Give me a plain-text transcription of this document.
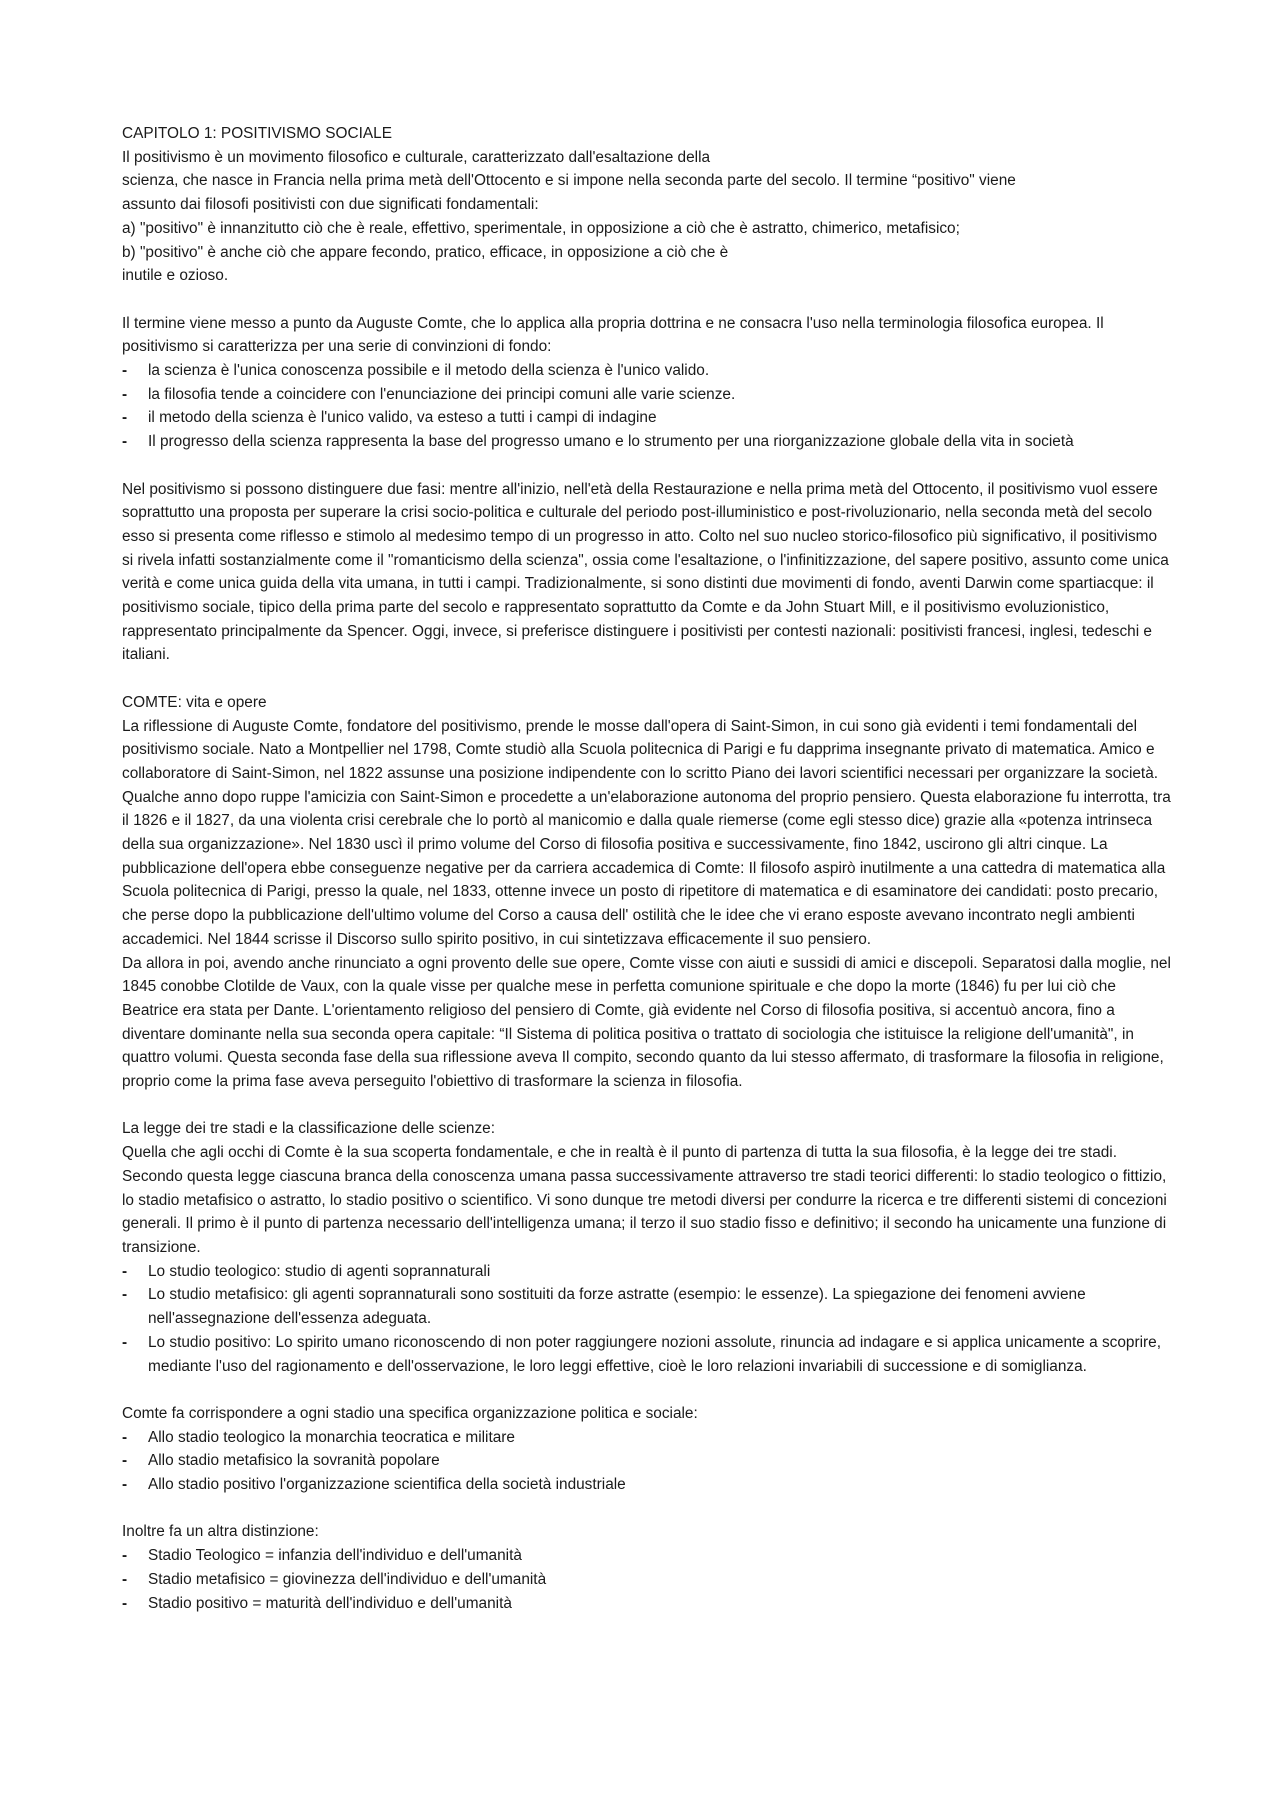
CAPITOLO 1: POSITIVISMO SOCIALE
Il positivismo è un movimento filosofico e culturale, caratterizzato dall'esaltazione della
scienza, che nasce in Francia nella prima metà dell'Ottocento e si impone nella seconda parte del secolo. Il termine “positivo" viene
assunto dai filosofi positivisti con due significati fondamentali:
a) "positivo" è innanzitutto ciò che è reale, effettivo, sperimentale, in opposizione a ciò che è astratto, chimerico, metafisico;
b) "positivo" è anche ciò che appare fecondo, pratico, efficace, in opposizione a ciò che è
inutile e ozioso.
Il termine viene messo a punto da Auguste Comte, che lo applica alla propria dottrina e ne consacra l'uso nella terminologia filosofica europea. Il positivismo si caratterizza per una serie di convinzioni di fondo:
- la scienza è l'unica conoscenza possibile e il metodo della scienza è l'unico valido.
- la filosofia tende a coincidere con l'enunciazione dei principi comuni alle varie scienze.
- il metodo della scienza è l'unico valido, va esteso a tutti i campi di indagine
- Il progresso della scienza rappresenta la base del progresso umano e lo strumento per una riorganizzazione globale della vita in società
Nel positivismo si possono distinguere due fasi: mentre all'inizio, nell'età della Restaurazione e nella prima metà del Ottocento, il positivismo vuol essere soprattutto una proposta per superare la crisi socio-politica e culturale del periodo post-illuministico e post-rivoluzionario, nella seconda metà del secolo esso si presenta come riflesso e stimolo al medesimo tempo di un progresso in atto. Colto nel suo nucleo storico-filosofico più significativo, il positivismo si rivela infatti sostanzialmente come il "romanticismo della scienza", ossia come l'esaltazione, o l'infinitizzazione, del sapere positivo, assunto come unica verità e come unica guida della vita umana, in tutti i campi. Tradizionalmente, si sono distinti due movimenti di fondo, aventi Darwin come spartiacque: il positivismo sociale, tipico della prima parte del secolo e rappresentato soprattutto da Comte e da John Stuart Mill, e il positivismo evoluzionistico, rappresentato principalmente da Spencer. Oggi, invece, si preferisce distinguere i positivisti per contesti nazionali: positivisti francesi, inglesi, tedeschi e italiani.
COMTE: vita e opere
La riflessione di Auguste Comte, fondatore del positivismo, prende le mosse dall'opera di Saint-Simon, in cui sono già evidenti i temi fondamentali del positivismo sociale. Nato a Montpellier nel 1798, Comte studiò alla Scuola politecnica di Parigi e fu dapprima insegnante privato di matematica. Amico e collaboratore di Saint-Simon, nel 1822 assunse una posizione indipendente con lo scritto Piano dei lavori scientifici necessari per organizzare la società. Qualche anno dopo ruppe l'amicizia con Saint-Simon e procedette a un'elaborazione autonoma del proprio pensiero. Questa elaborazione fu interrotta, tra il 1826 e il 1827, da una violenta crisi cerebrale che lo portò al manicomio e dalla quale riemerse (come egli stesso dice) grazie alla «potenza intrinseca della sua organizzazione». Nel 1830 uscì il primo volume del Corso di filosofia positiva e successivamente, fino 1842, uscirono gli altri cinque. La pubblicazione dell'opera ebbe conseguenze negative per da carriera accademica di Comte: Il filosofo aspirò inutilmente a una cattedra di matematica alla Scuola politecnica di Parigi, presso la quale, nel 1833, ottenne invece un posto di ripetitore di matematica e di esaminatore dei candidati: posto precario, che perse dopo la pubblicazione dell'ultimo volume del Corso a causa dell' ostilità che le idee che vi erano esposte avevano incontrato negli ambienti accademici. Nel 1844 scrisse il Discorso sullo spirito positivo, in cui sintetizzava efficacemente il suo pensiero.
Da allora in poi, avendo anche rinunciato a ogni provento delle sue opere, Comte visse con aiuti e sussidi di amici e discepoli. Separatosi dalla moglie, nel 1845 conobbe Clotilde de Vaux, con la quale visse per qualche mese in perfetta comunione spirituale e che dopo la morte (1846) fu per lui ciò che Beatrice era stata per Dante. L'orientamento religioso del pensiero di Comte, già evidente nel Corso di filosofia positiva, si accentuò ancora, fino a diventare dominante nella sua seconda opera capitale: “Il Sistema di politica positiva o trattato di sociologia che istituisce la religione dell'umanità", in quattro volumi. Questa seconda fase della sua riflessione aveva Il compito, secondo quanto da lui stesso affermato, di trasformare la filosofia in religione, proprio come la prima fase aveva perseguito l'obiettivo di trasformare la scienza in filosofia.
La legge dei tre stadi e la classificazione delle scienze:
Quella che agli occhi di Comte è la sua scoperta fondamentale, e che in realtà è il punto di partenza di tutta la sua filosofia, è la legge dei tre stadi. Secondo questa legge ciascuna branca della conoscenza umana passa successivamente attraverso tre stadi teorici differenti: lo stadio teologico o fittizio, lo stadio metafisico o astratto, lo stadio positivo o scientifico. Vi sono dunque tre metodi diversi per condurre la ricerca e tre differenti sistemi di concezioni generali. Il primo è il punto di partenza necessario dell'intelligenza umana; il terzo il suo stadio fisso e definitivo; il secondo ha unicamente una funzione di transizione.
- Lo studio teologico: studio di agenti soprannaturali
- Lo studio metafisico: gli agenti soprannaturali sono sostituiti da forze astratte (esempio: le essenze). La spiegazione dei fenomeni avviene nell'assegnazione dell'essenza adeguata.
- Lo studio positivo: Lo spirito umano riconoscendo di non poter raggiungere nozioni assolute, rinuncia ad indagare e si applica unicamente a scoprire, mediante l'uso del ragionamento e dell'osservazione, le loro leggi effettive, cioè le loro relazioni invariabili di successione e di somiglianza.
Comte fa corrispondere a ogni stadio una specifica organizzazione politica e sociale:
- Allo stadio teologico la monarchia teocratica e militare
- Allo stadio metafisico la sovranità popolare
- Allo stadio positivo l'organizzazione scientifica della società industriale
Inoltre fa un altra distinzione:
- Stadio Teologico = infanzia dell'individuo e dell'umanità
- Stadio metafisico = giovinezza dell'individuo e dell'umanità
- Stadio positivo = maturità dell'individuo e dell'umanità
